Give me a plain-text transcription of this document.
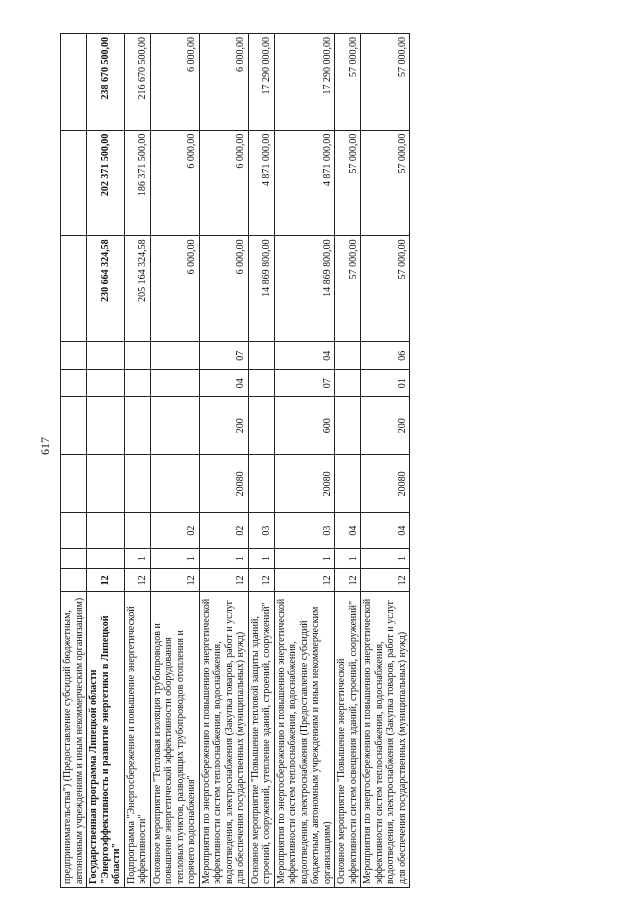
617
предпринимательства") (Предоставление субсидий бюджетным, автономным учреждениям и иным некоммерческим организациям)										
Государственная программа Липецкой области "Энергоэффективность и развитие энергетики в Липецкой области"	12							230 664 324,58	202 371 500,00	238 670 500,00
Подпрограмма "Энергосбережение и повышение энергетической эффективности"	12	1						205 164 324,58	186 371 500,00	216 670 500,00
Основное мероприятие "Тепловая изоляция трубопроводов и повышение энергетической эффективности оборудования тепловых пунктов, разводящих трубопроводов отопления и горячего водоснабжения"	12	1	02					6 000,00	6 000,00	6 000,00
Мероприятия по энергосбережению и повышению энергетической эффективности систем теплоснабжения, водоснабжения, водоотведения, электроснабжения (Закупка товаров, работ и услуг для обеспечения государственных (муниципальных) нужд)	12	1	02	20080	200	04	07	6 000,00	6 000,00	6 000,00
Основное мероприятие "Повышение тепловой защиты зданий, строений, сооружений, утепление зданий, строений, сооружений"	12	1	03					14 869 800,00	4 871 000,00	17 290 000,00
Мероприятия по энергосбережению и повышению энергетической эффективности систем теплоснабжения, водоснабжения, водоотведения, электроснабжения (Предоставление субсидий бюджетным, автономным учреждениям и иным некоммерческим организациям)	12	1	03	20080	600	07	04	14 869 800,00	4 871 000,00	17 290 000,00
Основное мероприятие "Повышение энергетической эффективности систем освещения зданий, строений, сооружений"	12	1	04					57 000,00	57 000,00	57 000,00
Мероприятия по энергосбережению и повышению энергетической эффективности систем теплоснабжения, водоснабжения, водоотведения, электроснабжения (Закупка товаров, работ и услуг для обеспечения государственных (муниципальных) нужд)	12	1	04	20080	200	01	06	57 000,00	57 000,00	57 000,00
